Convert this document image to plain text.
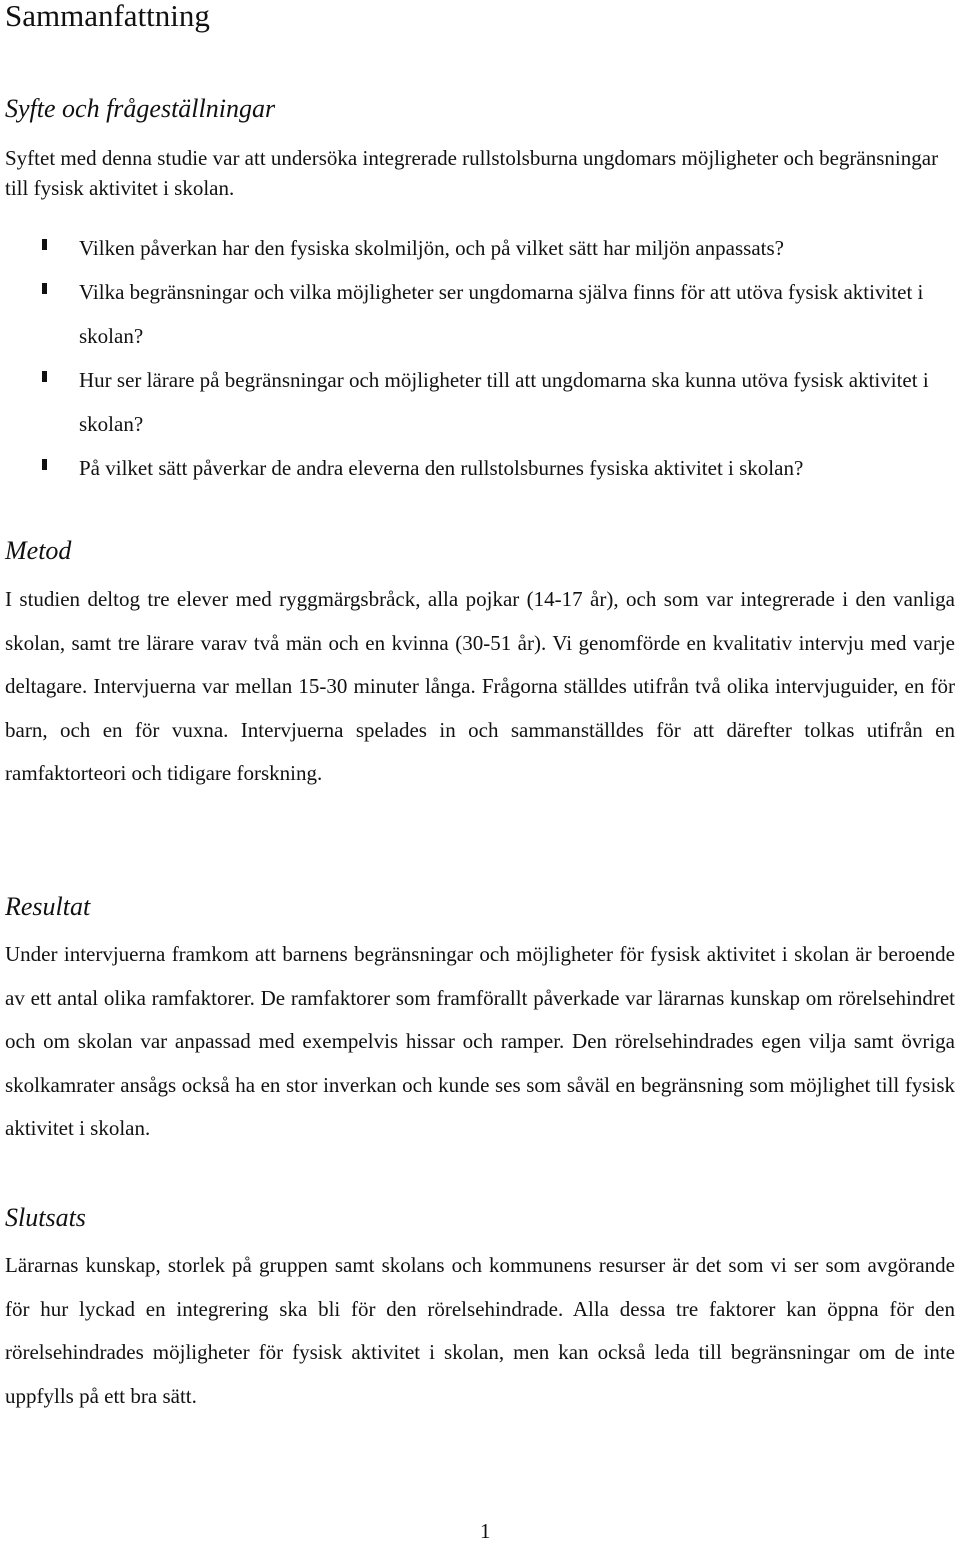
Sammanfattning
Syfte och frågeställningar

Syftet med denna studie var att undersöka integrerade rullstolsburna ungdomars möjligheter och begränsningar till fysisk aktivitet i skolan.

Vilken påverkan har den fysiska skolmiljön, och på vilket sätt har miljön anpassats?
Vilka begränsningar och vilka möjligheter ser ungdomarna själva finns för att utöva fysisk aktivitet i skolan?
Hur ser lärare på begränsningar och möjligheter till att ungdomarna ska kunna utöva fysisk aktivitet i skolan?
På vilket sätt påverkar de andra eleverna den rullstolsburnes fysiska aktivitet i skolan?
Metod

I studien deltog tre elever med ryggmärgsbråck, alla pojkar (14-17 år), och som var integrerade i den vanliga skolan, samt tre lärare varav två män och en kvinna (30-51 år). Vi genomförde en kvalitativ intervju med varje deltagare. Intervjuerna var mellan 15-30 minuter långa. Frågorna ställdes utifrån två olika intervjuguider, en för barn, och en för vuxna. Intervjuerna spelades in och sammanställdes för att därefter tolkas utifrån en ramfaktorteori och tidigare forskning.

Resultat

Under intervjuerna framkom att barnens begränsningar och möjligheter för fysisk aktivitet i skolan är beroende av ett antal olika ramfaktorer. De ramfaktorer som framförallt påverkade var lärarnas kunskap om rörelsehindret och om skolan var anpassad med exempelvis hissar och ramper. Den rörelsehindrades egen vilja samt övriga skolkamrater ansågs också ha en stor inverkan och kunde ses som såväl en begränsning som möjlighet till fysisk aktivitet i skolan.

Slutsats

Lärarnas kunskap, storlek på gruppen samt skolans och kommunens resurser är det som vi ser som avgörande för hur lyckad en integrering ska bli för den rörelsehindrade. Alla dessa tre faktorer kan öppna för den rörelsehindrades möjligheter för fysisk aktivitet i skolan, men kan också leda till begränsningar om de inte uppfylls på ett bra sätt.

1
